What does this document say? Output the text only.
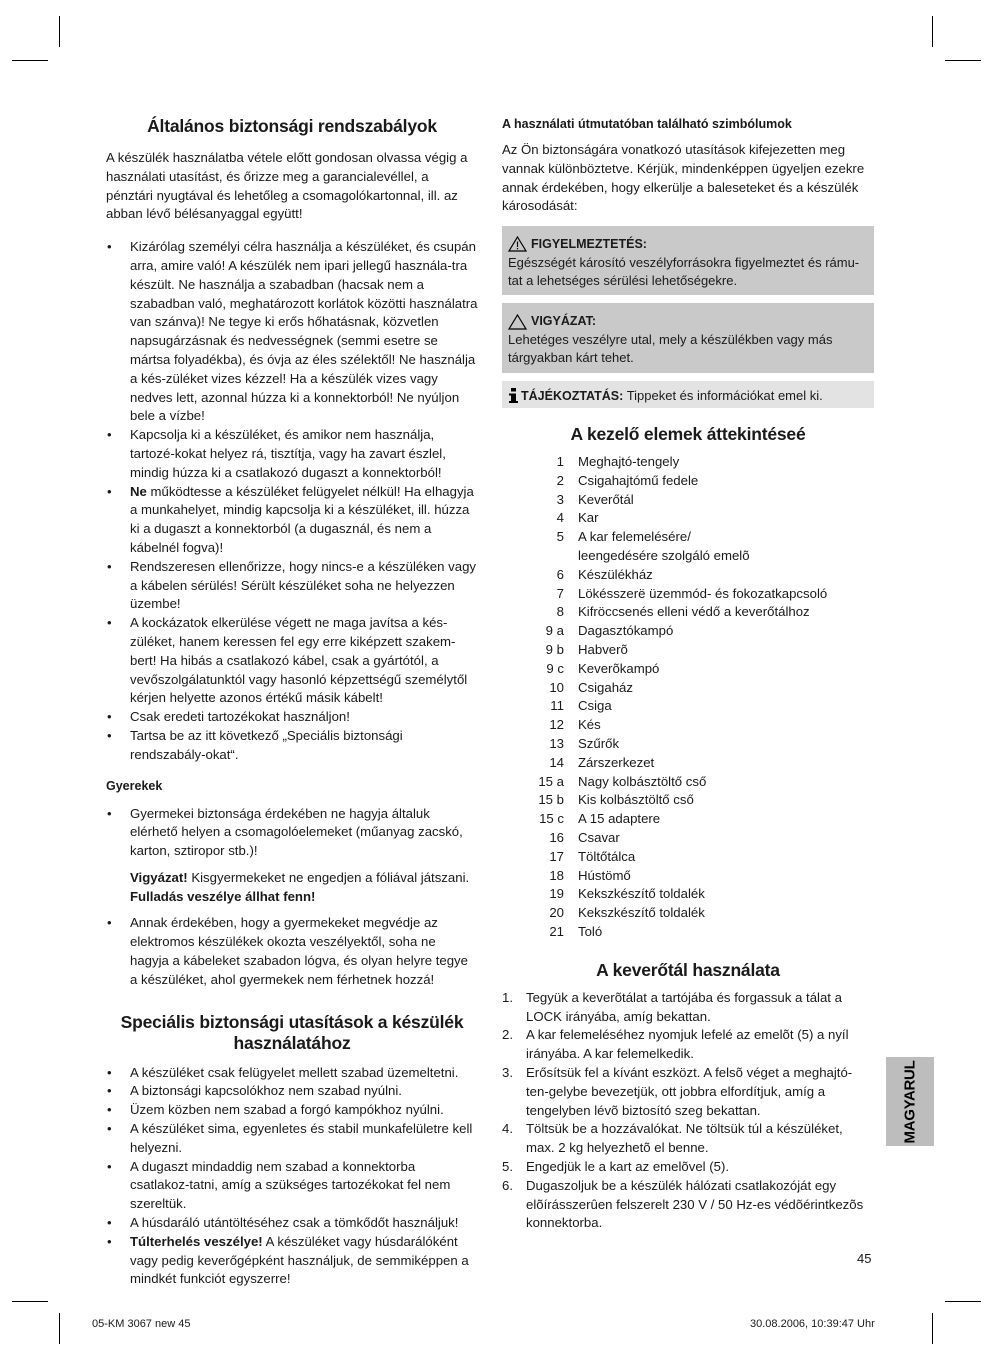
Általános biztonsági rendszabályok
A készülék használatba vétele előtt gondosan olvassa végig a használati utasítást, és őrizze meg a garancialevéllel, a pénztári nyugtával és lehetőleg a csomagolókartonnal, ill. az abban lévő bélésanyaggal együtt!
• Kizárólag személyi célra használja a készüléket, és csupán arra, amire való! A készülék nem ipari jellegű használa-tra készült. Ne használja a szabadban (hacsak nem a szabadban való, meghatározott korlátok közötti használatra van szánva)! Ne tegye ki erős hőhatásnak, közvetlen napsugárzásnak és nedvességnek (semmi esetre se mártsa folyadékba), és óvja az éles szélektől! Ne használja a kés-züléket vizes kézzel! Ha a készülék vizes vagy nedves lett, azonnal húzza ki a konnektorból! Ne nyúljon bele a vízbe!
• Kapcsolja ki a készüléket, és amikor nem használja, tartozé-kokat helyez rá, tisztítja, vagy ha zavart észlel, mindig húzza ki a csatlakozó dugaszt a konnektorból!
• Ne működtesse a készüléket felügyelet nélkül! Ha elhagyja a munkahelyet, mindig kapcsolja ki a készüléket, ill. húzza ki a dugaszt a konnektorból (a dugasznál, és nem a kábelnél fogva)!
• Rendszeresen ellenőrizze, hogy nincs-e a készüléken vagy a kábelen sérülés! Sérült készüléket soha ne helyezzen üzembe!
• A kockázatok elkerülése végett ne maga javítsa a kés-züléket, hanem keressen fel egy erre kiképzett szakem-bert! Ha hibás a csatlakozó kábel, csak a gyártótól, a vevőszolgálatunktól vagy hasonló képzettségű személytől kérjen helyette azonos értékű másik kábelt!
• Csak eredeti tartozékokat használjon!
• Tartsa be az itt következő „Speciális biztonsági rendszabály-okat“.
Gyerekek
• Gyermekei biztonsága érdekében ne hagyja általuk elérhető helyen a csomagolóelemeket (műanyag zacskó, karton, sztiropor stb.)!
Vigyázat! Kisgyermekeket ne engedjen a fóliával játszani.
Fulladás veszélye állhat fenn!
• Annak érdekében, hogy a gyermekeket megvédje az elektromos készülékek okozta veszélyektől, soha ne hagyja a kábeleket szabadon lógva, és olyan helyre tegye a készüléket, ahol gyermekek nem férhetnek hozzá!
Speciális biztonsági utasítások a készülék használatához
• A készüléket csak felügyelet mellett szabad üzemeltetni.
• A biztonsági kapcsolókhoz nem szabad nyúlni.
• Üzem közben nem szabad a forgó kampókhoz nyúlni.
• A készüléket sima, egyenletes és stabil munkafelületre kell helyezni.
• A dugaszt mindaddig nem szabad a konnektorba csatlakoz-tatni, amíg a szükséges tartozékokat fel nem szereltük.
• A húsdaráló utántöltéséhez csak a tömkődőt használjuk!
• Túlterhelés veszélye! A készüléket vagy húsdarálóként vagy pedig keverőgépként használjuk, de semmiképpen a mindkét funkciót egyszerre!
A használati útmutatóban található szimbólumok
Az Ön biztonságára vonatkozó utasítások kifejezetten meg vannak különböztetve. Kérjük, mindenképpen ügyeljen ezekre annak érdekében, hogy elkerülje a baleseteket és a készülék károsodását:
FIGYELMEZTETÉS:
Egészségét károsító veszélyforrásokra figyelmeztet és rámu-tat a lehetséges sérülési lehetőségekre.
VIGYÁZAT:
Lehetéges veszélyre utal, mely a készülékben vagy más tárgyakban kárt tehet.
TÁJÉKOZTATÁS: Tippeket és információkat emel ki.
A kezelő elemek áttekintéseé
1	Meghajtó-tengely
2	Csigahajtómű fedele
3	Keverőtál
4	Kar
5	A kar felemelésére/
leengedésére szolgáló emelõ
6	Készülékház
7	Lökésszerë üzemmód- és fokozatkapcsoló
8	Kifröccsenés elleni védő a keverőtálhoz
9 a	Dagasztókampó
9 b	Habverõ
9 c	Keverõkampó
10	Csigaház
11	Csiga
12	Kés
13	Szűrők
14	Zárszerkezet
15 a	Nagy kolbásztöltő cső
15 b	Kis kolbásztöltő cső
15 c	A 15 adaptere
16	Csavar
17	Töltőtálca
18	Hústömő
19	Kekszkészítő toldalék
20	Kekszkészítő toldalék
21	Toló
A keverőtál használata
1. Tegyük a keverõtálat a tartójába és forgassuk a tálat a LOCK irányába, amíg bekattan.
2. A kar felemeléséhez nyomjuk lefelé az emelõt (5) a nyíl irányába. A kar felemelkedik.
3. Erősítsük fel a kívánt eszközt. A felsõ véget a meghajtó-ten-gelybe bevezetjük, ott jobbra elfordítjuk, amíg a tengelyben lévõ biztosító szeg bekattan.
4. Töltsük be a hozzávalókat. Ne töltsük túl a készüléket, max. 2 kg helyezhetõ el benne.
5. Engedjük le a kart az emelõvel (5).
6. Dugaszoljuk be a készülék hálózati csatlakozóját egy elõírásszerûen felszerelt 230 V / 50 Hz-es védõérintkezõs konnektorba.
MAGYARUL
45
05-KM 3067 new 45	30.08.2006, 10:39:47 Uhr
